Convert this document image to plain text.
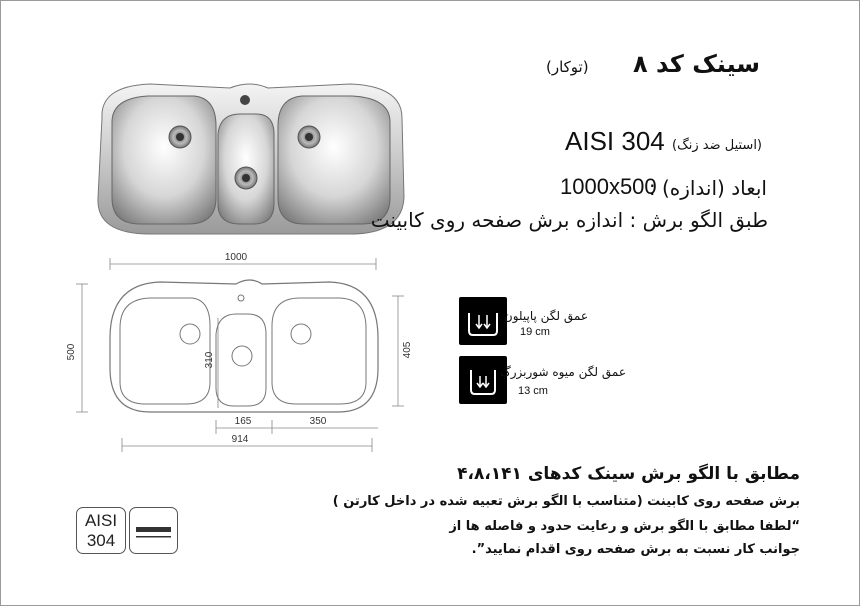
سینک کد ۸
(توکار)
AISI 304 (استیل ضد زنگ)
ابعاد (اندازه) :
1000x500
طبق الگو برش : اندازه برش صفحه روی کابینت
1000
500	405
310
165	350
914
عمق لگن پاپیلون
19 cm
عمق لگن میوه شوربزرگ
13 cm
مطابق با الگو برش سینک کدهای ۴،۸،۱۴۱
برش صفحه روی کابینت (متناسب با الگو برش تعبیه شده در داخل کارتن )
“لطفا مطابق با الگو برش و رعایت حدود و فاصله ها از
جوانب کار نسبت به برش صفحه روی اقدام نمایید”.
AISI
304
